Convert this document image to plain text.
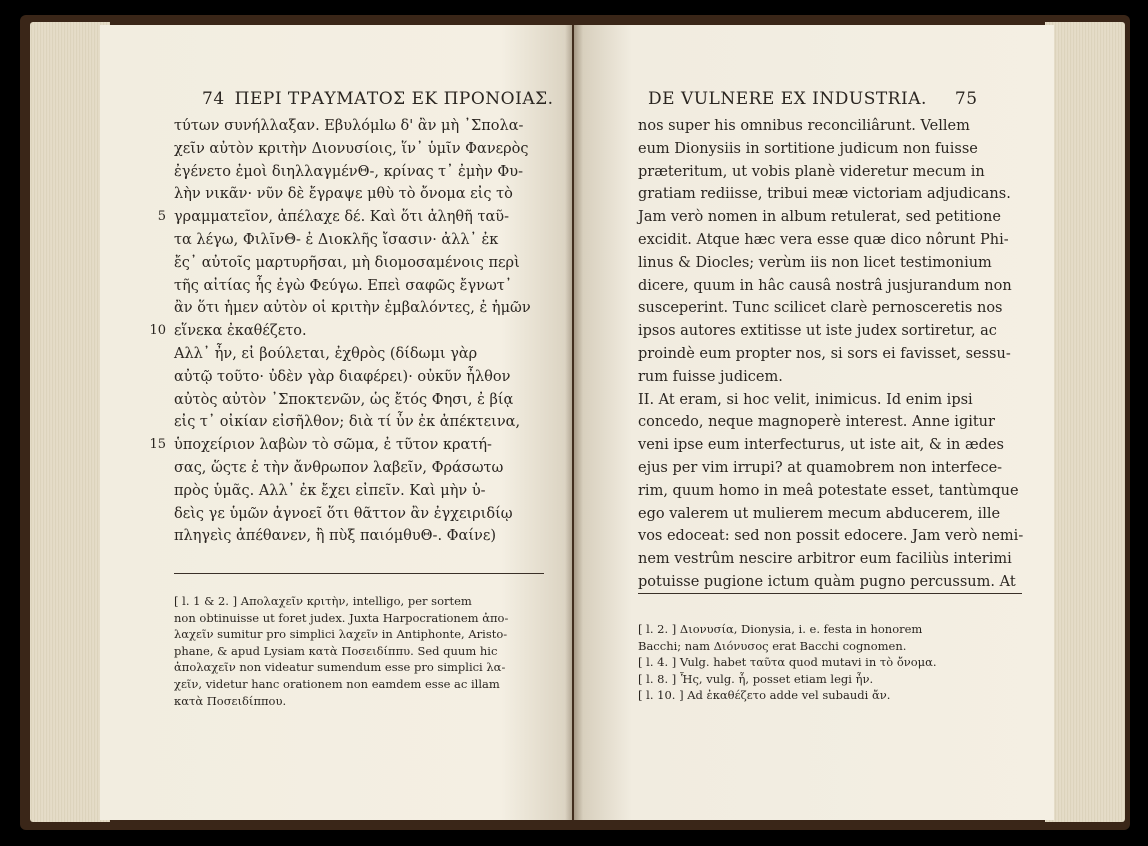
74 ΠΕΡΙ ΤΡΑΥΜΑΤΟΣ ΕΚ ΠΡΟΝΟΙΑΣ.
τύτων συνήλλαξαν. Εβυλόμlω δ' ἂν μὴ ᾽Σπολα-
χεῖν αὐτὸν κριτὴν Διονυσίοις, ἵν᾽ ὑμῖν Φανερὸς
ἐγένετο ἐμοὶ διηλλαγμένΘ-, κρίνας τ᾽ ἐμὴν Φυ-
λὴν νικᾶν· νῦν δὲ ἔγραψε μθὺ τὸ ὄνομα εἰς τὸ
5 γραμματεῖον, ἀπέλαχε δέ. Καὶ ὅτι ἀληθῆ ταῦ-
τα λέγω, ΦιλῖνΘ- ἐ Διοκλῆς ἴσασιν· ἀλλ᾽ ἐκ
ἔς᾽ αὐτοῖς μαρτυρῆσαι, μὴ διομοσαμένοις περὶ
τῆς αἰτίας ἧς ἐγὼ Φεύγω. Επεὶ σαφῶς ἔγνωτ᾽
ἂν ὅτι ἡμεν αὐτὸν οἱ κριτὴν ἐμβαλόντες, ἐ ἡμῶν
10 εἵνεκα ἐκαθέζετο.
Αλλ᾽ ἦν, εἰ βούλεται, ἐχθρὸς (δίδωμι γὰρ
αὐτῷ τοῦτο· ὐδὲν γὰρ διαφέρει)· οὐκῦν ἦλθον
αὐτὸς αὐτὸν ᾽Σποκτενῶν, ὡς ἔτός Φησι, ἐ βίᾳ
εἰς τ᾽ οἰκίαν εἰσῆλθον; διὰ τί ὖν ἐκ ἀπέκτεινα,
15 ὑποχείριον λαβὼν τὸ σῶμα, ἐ τῦτον κρατή-
σας, ὥςτε ἐ τὴν ἄνθρωπον λαβεῖν, Φράσωτω
πρὸς ὑμᾶς. Αλλ᾽ ἐκ ἔχει εἰπεῖν. Καὶ μὴν ὐ-
δεὶς γε ὑμῶν ἀγνοεῖ ὅτι θᾶττον ἂν ἐγχειριδίῳ
πληγεὶς ἀπέθανεν, ἢ πὺξ παιόμθυΘ-. Φαίνε)
[ l. 1 & 2. ] Απολαχεῖν κριτὴν, intelligo, per sortem
non obtinuisse ut foret judex. Juxta Harpocrationem ἀπο-
λαχεῖν sumitur pro simplici λαχεῖν in Antiphonte, Aristo-
phane, & apud Lysiam κατὰ Ποσειδίππυ. Sed quum hic
ἀπολαχεῖν non videatur sumendum esse pro simplici λα-
χεῖν, videtur hanc orationem non eamdem esse ac illam
κατὰ Ποσειδίππου.
DE VULNERE EX INDUSTRIA. 75
nos super his omnibus reconciliârunt. Vellem
eum Dionysiis in sortitione judicum non fuisse
præteritum, ut vobis planè videretur mecum in
gratiam rediisse, tribui meæ victoriam adjudicans.
Jam verò nomen in album retulerat, sed petitione
excidit. Atque hæc vera esse quæ dico nôrunt Phi-
linus & Diocles; verùm iis non licet testimonium
dicere, quum in hâc causâ nostrâ jusjurandum non
susceperint. Tunc scilicet clarè pernosceretis nos
ipsos autores extitisse ut iste judex sortiretur, ac
proindè eum propter nos, si sors ei favisset, sessu-
rum fuisse judicem.
II. At eram, si hoc velit, inimicus. Id enim ipsi
concedo, neque magnoperè interest. Anne igitur
veni ipse eum interfecturus, ut iste ait, & in ædes
ejus per vim irrupi? at quamobrem non interfece-
rim, quum homo in meâ potestate esset, tantùmque
ego valerem ut mulierem mecum abducerem, ille
vos edoceat: sed non possit edocere. Jam verò nemi-
nem vestrûm nescire arbitror eum faciliùs interimi
potuisse pugione ictum quàm pugno percussum. At
[ l. 2. ] Διονυσία, Dionysia, i. e. festa in honorem
Bacchi; nam Διόνυσος erat Bacchi cognomen.
[ l. 4. ] Vulg. habet ταῦτα quod mutavi in τὸ ὄνομα.
[ l. 8. ] Ἧς, vulg. ἧ, posset etiam legi ἦν.
[ l. 10. ] Ad ἐκαθέζετο adde vel subaudi ἄν.
